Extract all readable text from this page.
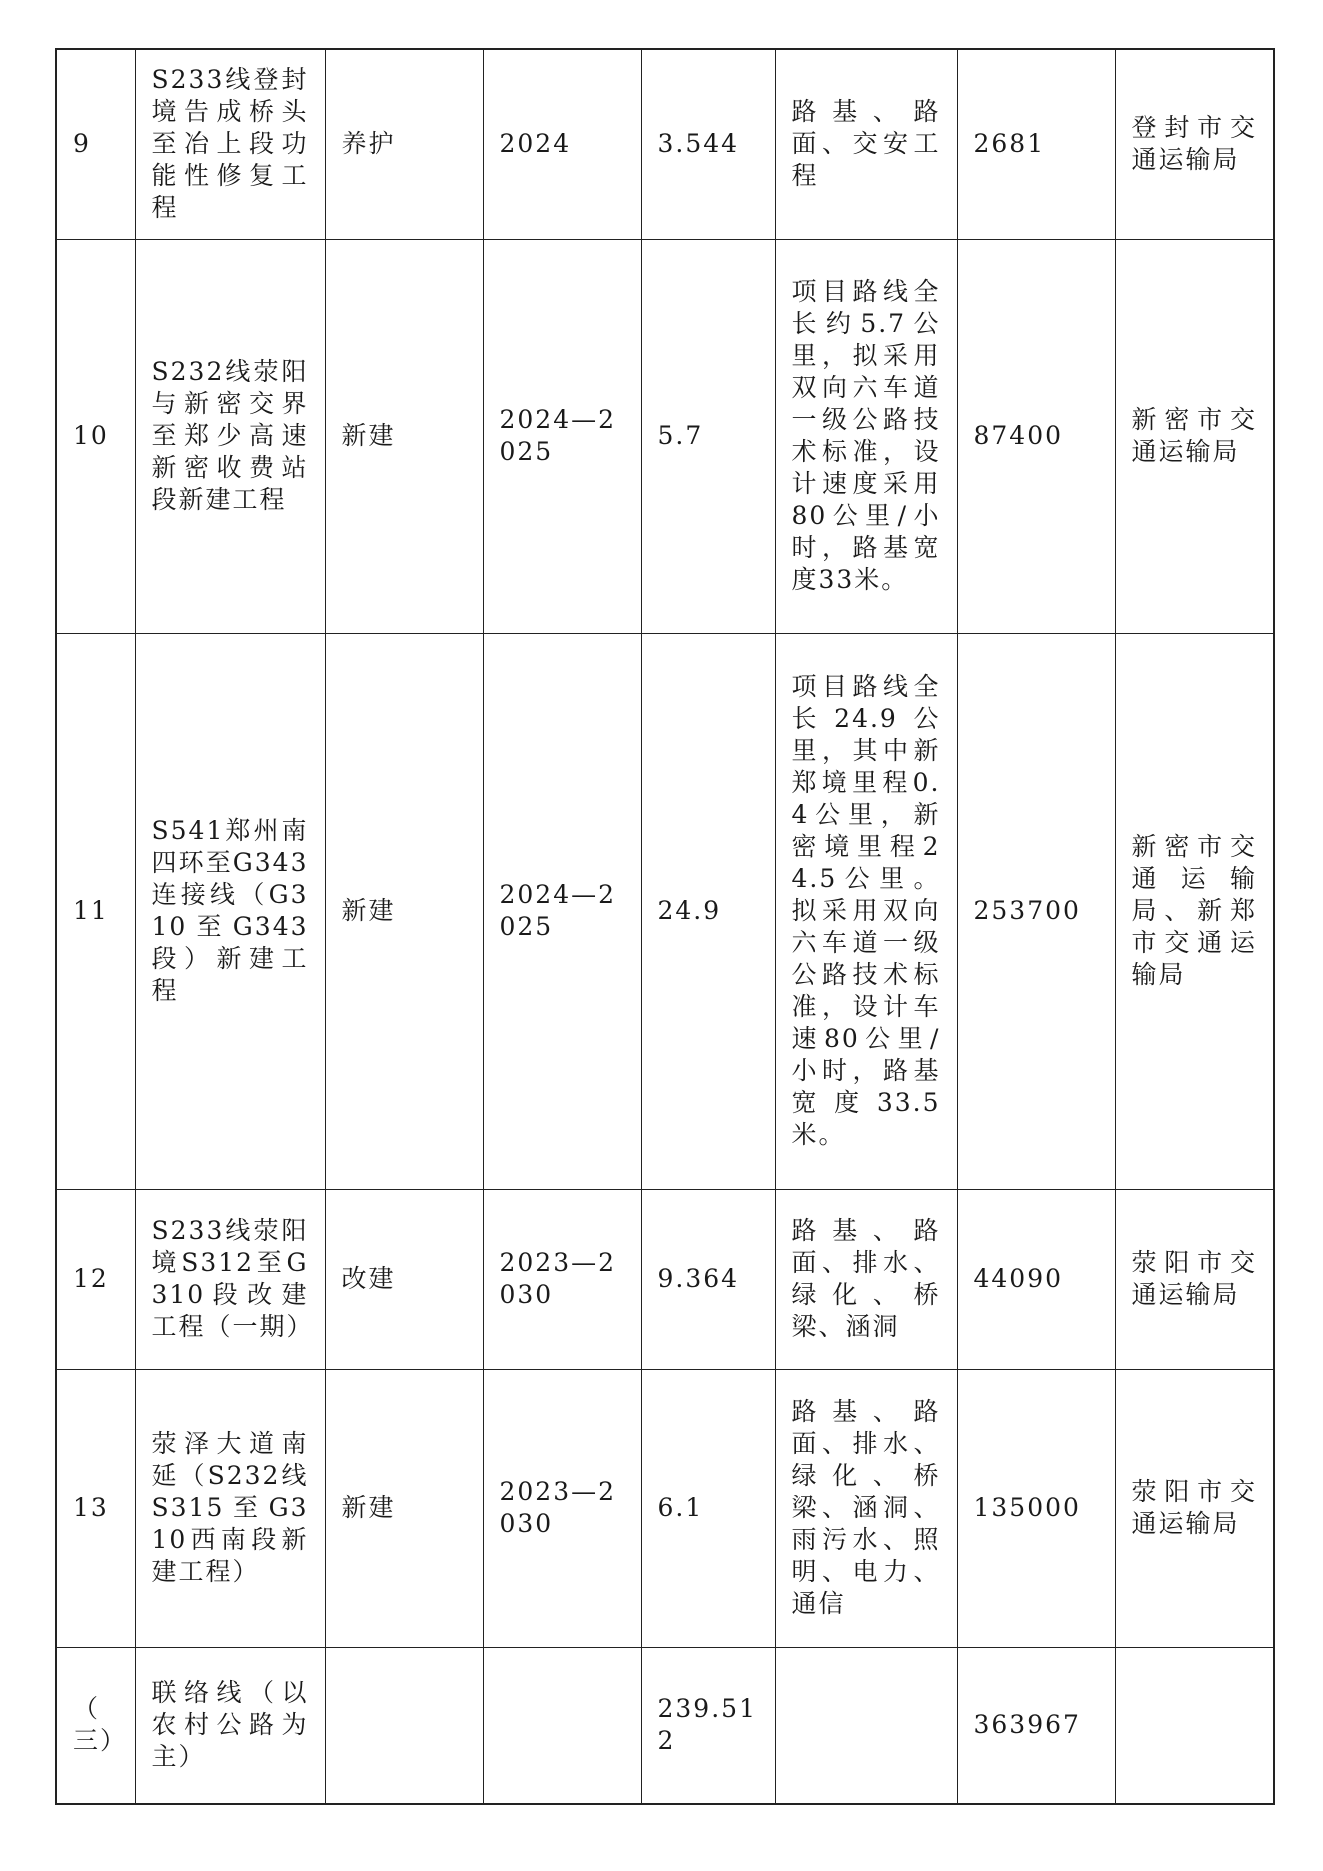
9	S233线登封境告成桥头至冶上段功能性修复工程	养护	2024	3.544	路基、路面、交安工程	2681	登封市交通运输局
10	S232线荥阳与新密交界至郑少高速新密收费站段新建工程	新建	2024—2025	5.7	项目路线全长约5.7公里，拟采用双向六车道一级公路技术标准，设计速度采用80公里/小时，路基宽度33米。	87400	新密市交通运输局
11	S541郑州南四环至G343连接线（G310至G343段）新建工程	新建	2024—2025	24.9	项目路线全长24.9公里，其中新郑境里程0.4公里，新密境里程24.5公里。拟采用双向六车道一级公路技术标准，设计车速80公里/小时，路基宽度33.5米。	253700	新密市交通运输局、新郑市交通运输局
12	S233线荥阳境S312至G310段改建工程（一期）	改建	2023—2030	9.364	路基、路面、排水、绿化、桥梁、涵洞	44090	荥阳市交通运输局
13	荥泽大道南延（S232线S315至G310西南段新建工程）	新建	2023—2030	6.1	路基、路面、排水、绿化、桥梁、涵洞、雨污水、照明、电力、通信	135000	荥阳市交通运输局
（三）	联络线（以农村公路为主）			239.512		363967	
